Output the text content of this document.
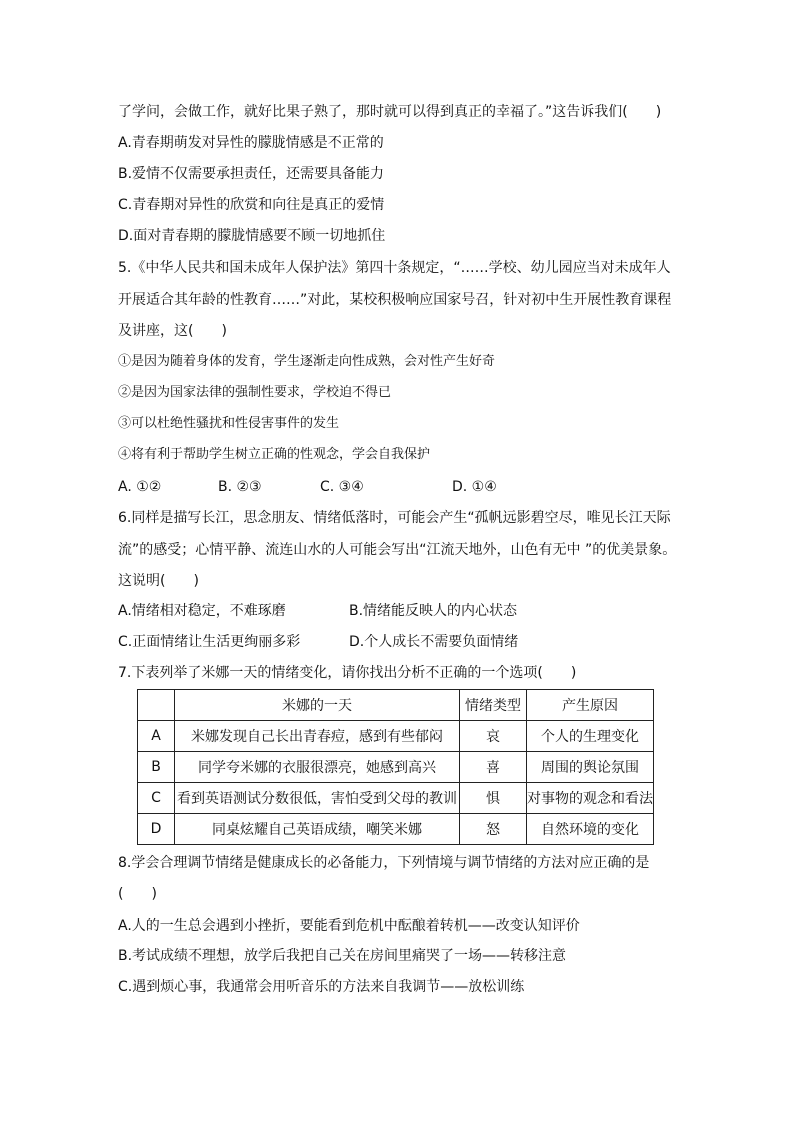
了学问，会做工作，就好比果子熟了，那时就可以得到真正的幸福了。”这告诉我们(　　)
A.青春期萌发对异性的朦胧情感是不正常的
B.爱情不仅需要承担责任，还需要具备能力
C.青春期对异性的欣赏和向往是真正的爱情
D.面对青春期的朦胧情感要不顾一切地抓住
5.《中华人民共和国未成年人保护法》第四十条规定，“……学校、幼儿园应当对未成年人
开展适合其年龄的性教育……”对此，某校积极响应国家号召，针对初中生开展性教育课程
及讲座，这(　　)
①是因为随着身体的发育，学生逐渐走向性成熟，会对性产生好奇
②是因为国家法律的强制性要求，学校迫不得已
③可以杜绝性骚扰和性侵害事件的发生
④将有利于帮助学生树立正确的性观念，学会自我保护
A. ①②	B. ②③	C. ③④	D. ①④
6.同样是描写长江，思念朋友、情绪低落时，可能会产生“孤帆远影碧空尽，唯见长江天际
流”的感受；心情平静、流连山水的人可能会写出“江流天地外，山色有无中 ”的优美景象。
这说明(　　)
A.情绪相对稳定，不难琢磨	B.情绪能反映人的内心状态
C.正面情绪让生活更绚丽多彩	D.个人成长不需要负面情绪
7.下表列举了米娜一天的情绪变化，请你找出分析不正确的一个选项(　　)
	米娜的一天	情绪类型	产生原因
A	米娜发现自己长出青春痘，感到有些郁闷	哀	个人的生理变化
B	同学夸米娜的衣服很漂亮，她感到高兴	喜	周围的舆论氛围
C	看到英语测试分数很低，害怕受到父母的教训	惧	对事物的观念和看法
D	同桌炫耀自己英语成绩，嘲笑米娜	怒	自然环境的变化
8.学会合理调节情绪是健康成长的必备能力，下列情境与调节情绪的方法对应正确的是
(　　)
A.人的一生总会遇到小挫折，要能看到危机中酝酿着转机——改变认知评价
B.考试成绩不理想，放学后我把自己关在房间里痛哭了一场——转移注意
C.遇到烦心事，我通常会用听音乐的方法来自我调节——放松训练
